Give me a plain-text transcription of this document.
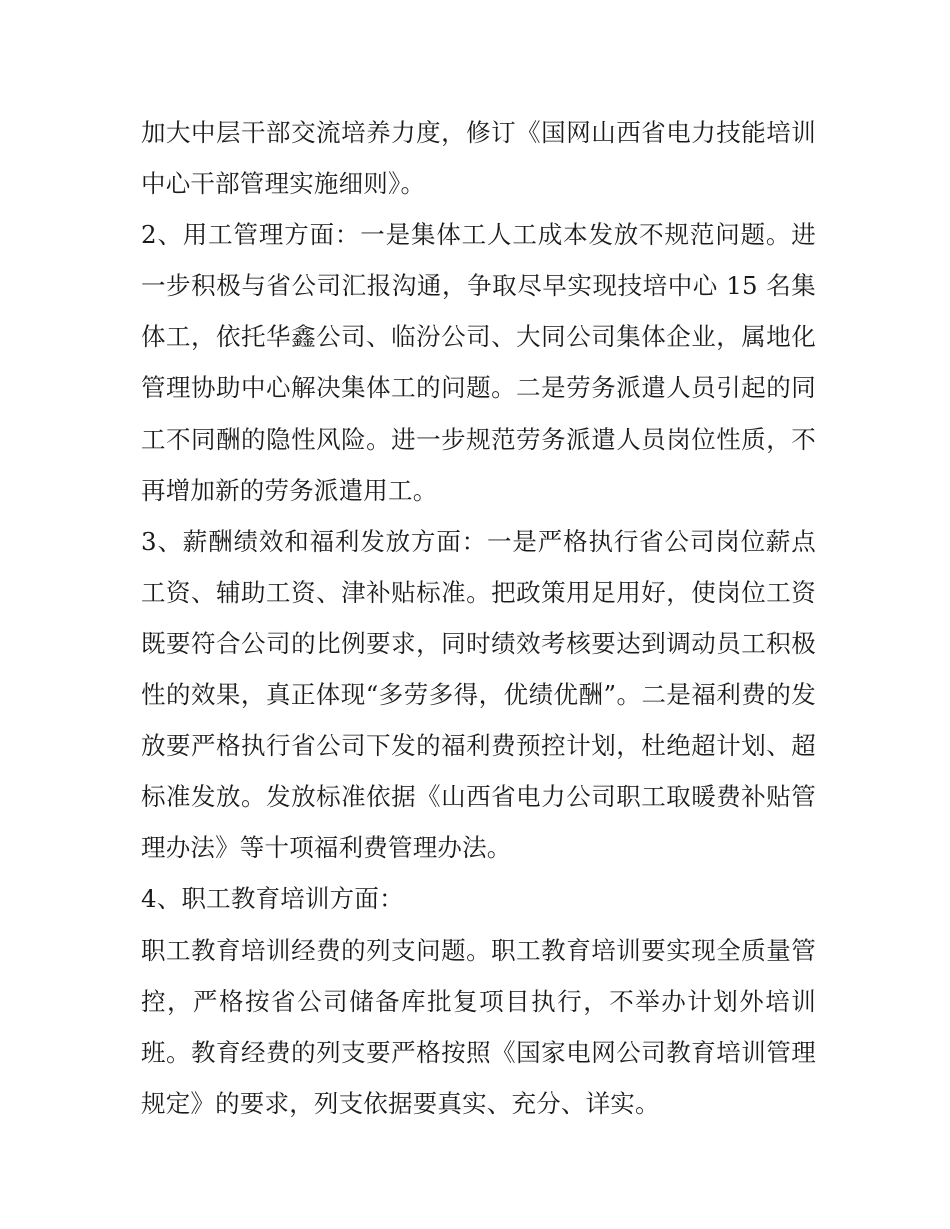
加大中层干部交流培养力度，修订《国网山西省电力技能培训
中心干部管理实施细则》。
2、用工管理方面：一是集体工人工成本发放不规范问题。进
一步积极与省公司汇报沟通，争取尽早实现技培中心 15 名集
体工，依托华鑫公司、临汾公司、大同公司集体企业，属地化
管理协助中心解决集体工的问题。二是劳务派遣人员引起的同
工不同酬的隐性风险。进一步规范劳务派遣人员岗位性质，不
再增加新的劳务派遣用工。
3、薪酬绩效和福利发放方面：一是严格执行省公司岗位薪点
工资、辅助工资、津补贴标准。把政策用足用好，使岗位工资
既要符合公司的比例要求，同时绩效考核要达到调动员工积极
性的效果，真正体现“多劳多得，优绩优酬”。二是福利费的发
放要严格执行省公司下发的福利费预控计划，杜绝超计划、超
标准发放。发放标准依据《山西省电力公司职工取暖费补贴管
理办法》等十项福利费管理办法。
4、职工教育培训方面：
职工教育培训经费的列支问题。职工教育培训要实现全质量管
控，严格按省公司储备库批复项目执行，不举办计划外培训
班。教育经费的列支要严格按照《国家电网公司教育培训管理
规定》的要求，列支依据要真实、充分、详实。
